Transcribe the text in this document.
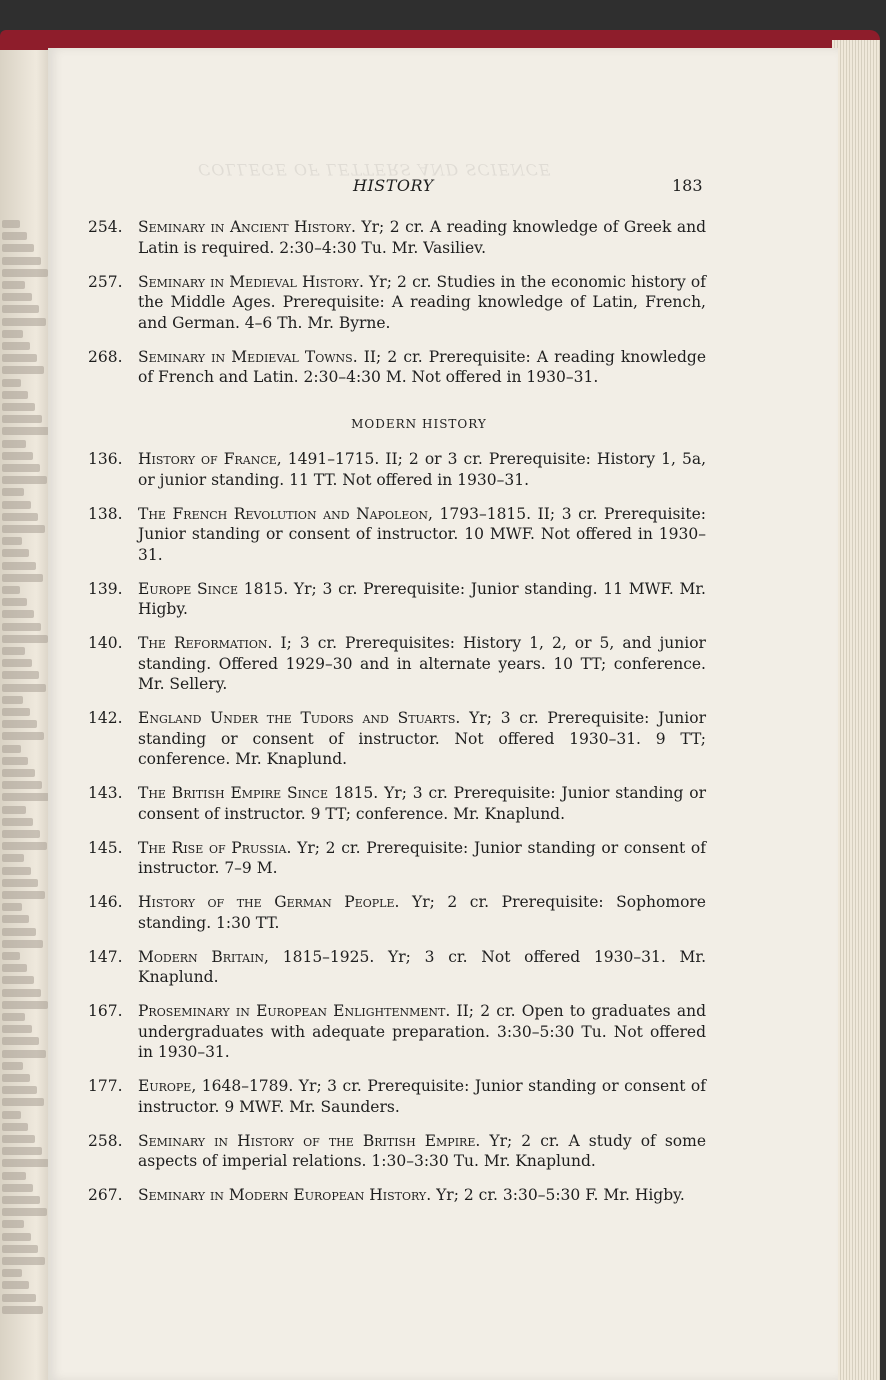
COLLEGE OF LETTERS AND SCIENCE
HISTORY	183
254. Seminary in Ancient History. Yr; 2 cr. A reading knowledge of Greek and Latin is required. 2:30–4:30 Tu. Mr. Vasiliev.
257. Seminary in Medieval History. Yr; 2 cr. Studies in the economic history of the Middle Ages. Prerequisite: A reading knowledge of Latin, French, and German. 4–6 Th. Mr. Byrne.
268. Seminary in Medieval Towns. II; 2 cr. Prerequisite: A reading knowledge of French and Latin. 2:30–4:30 M. Not offered in 1930–31.
MODERN HISTORY
136. History of France, 1491–1715. II; 2 or 3 cr. Prerequisite: History 1, 5a, or junior standing. 11 TT. Not offered in 1930–31.
138. The French Revolution and Napoleon, 1793–1815. II; 3 cr. Prerequisite: Junior standing or consent of instructor. 10 MWF. Not offered in 1930–31.
139. Europe Since 1815. Yr; 3 cr. Prerequisite: Junior standing. 11 MWF. Mr. Higby.
140. The Reformation. I; 3 cr. Prerequisites: History 1, 2, or 5, and junior standing. Offered 1929–30 and in alternate years. 10 TT; conference. Mr. Sellery.
142. England Under the Tudors and Stuarts. Yr; 3 cr. Prerequisite: Junior standing or consent of instructor. Not offered 1930–31. 9 TT; conference. Mr. Knaplund.
143. The British Empire Since 1815. Yr; 3 cr. Prerequisite: Junior standing or consent of instructor. 9 TT; conference. Mr. Knaplund.
145. The Rise of Prussia. Yr; 2 cr. Prerequisite: Junior standing or consent of instructor. 7–9 M.
146. History of the German People. Yr; 2 cr. Prerequisite: Sophomore standing. 1:30 TT.
147. Modern Britain, 1815–1925. Yr; 3 cr. Not offered 1930–31. Mr. Knaplund.
167. Proseminary in European Enlightenment. II; 2 cr. Open to graduates and undergraduates with adequate preparation. 3:30–5:30 Tu. Not offered in 1930–31.
177. Europe, 1648–1789. Yr; 3 cr. Prerequisite: Junior standing or consent of instructor. 9 MWF. Mr. Saunders.
258. Seminary in History of the British Empire. Yr; 2 cr. A study of some aspects of imperial relations. 1:30–3:30 Tu. Mr. Knaplund.
267. Seminary in Modern European History. Yr; 2 cr. 3:30–5:30 F. Mr. Higby.
